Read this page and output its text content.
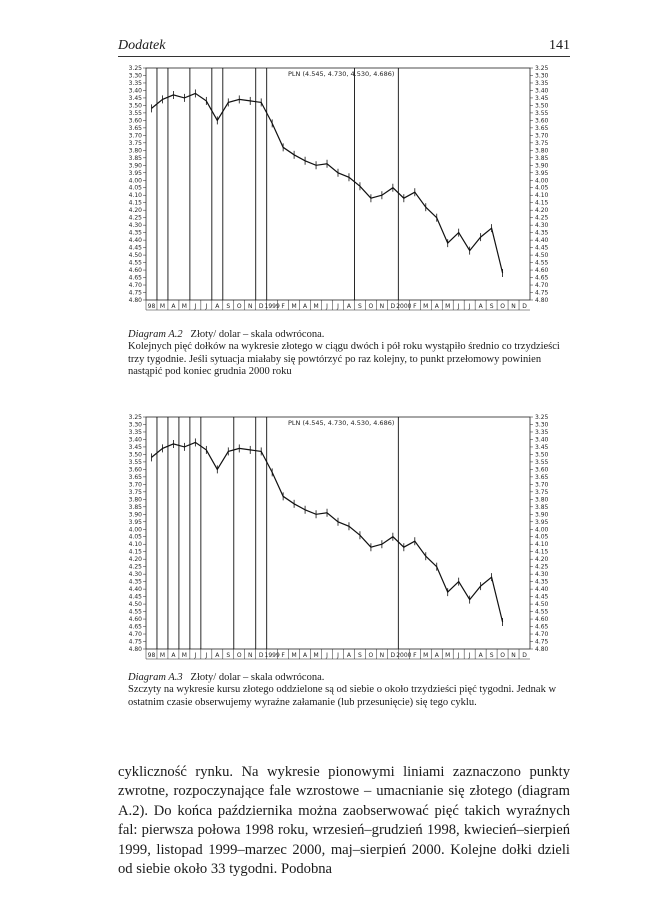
Dodatek	141
3.25	3.25
3.30	3.30
3.35	3.35
3.40	3.40
3.45	3.45
3.50	3.50
3.55	3.55
3.60	3.60
3.65	3.65
3.70	3.70
3.75	3.75
3.80	3.80
3.85	3.85
3.90	3.90
3.95	3.95
4.00	4.00
4.05	4.05
4.10	4.10
4.15	4.15
4.20	4.20
4.25	4.25
4.30	4.30
4.35	4.35
4.40	4.40
4.45	4.45
4.50	4.50
4.55	4.55
4.60	4.60
4.65	4.65
4.70	4.70
4.75	4.75
4.80	4.80
98 M A M J J A S O N D 1999 F M A M J J A S O N D 2000 F M A M J J A S O N D
PLN (4.545, 4.730, 4.530, 4.686)

Diagram A.2 Złoty/ dolar – skala odwrócona.

Kolejnych pięć dołków na wykresie złotego w ciągu dwóch i pół roku wystąpiło średnio co trzydzieści trzy tygodnie. Jeśli sytuacja miałaby się powtórzyć po raz kolejny, to punkt przełomowy powinien nastąpić pod koniec grudnia 2000 roku

3.25	3.25
3.30	3.30
3.35	3.35
3.40	3.40
3.45	3.45
3.50	3.50
3.55	3.55
3.60	3.60
3.65	3.65
3.70	3.70
3.75	3.75
3.80	3.80
3.85	3.85
3.90	3.90
3.95	3.95
4.00	4.00
4.05	4.05
4.10	4.10
4.15	4.15
4.20	4.20
4.25	4.25
4.30	4.30
4.35	4.35
4.40	4.40
4.45	4.45
4.50	4.50
4.55	4.55
4.60	4.60
4.65	4.65
4.70	4.70
4.75	4.75
4.80	4.80
98 M A M J J A S O N D 1999 F M A M J J A S O N D 2000 F M A M J J A S O N D
PLN (4.545, 4.730, 4.530, 4.686)

Diagram A.3 Złoty/ dolar – skala odwrócona.

Szczyty na wykresie kursu złotego oddzielone są od siebie o około trzydzieści pięć tygodni. Jednak w ostatnim czasie obserwujemy wyraźne załamanie (lub przesunięcie) się tego cyklu.

cykliczność rynku. Na wykresie pionowymi liniami zaznaczono punkty zwrotne, rozpoczynające fale wzrostowe – umacnianie się złotego (diagram A.2). Do końca października można zaobserwować pięć takich wyraźnych fal: pierwsza połowa 1998 roku, wrzesień–grudzień 1998, kwiecień–sierpień 1999, listopad 1999–marzec 2000, maj–sierpień 2000. Kolejne dołki dzieli od siebie około 33 tygodni. Podobna
